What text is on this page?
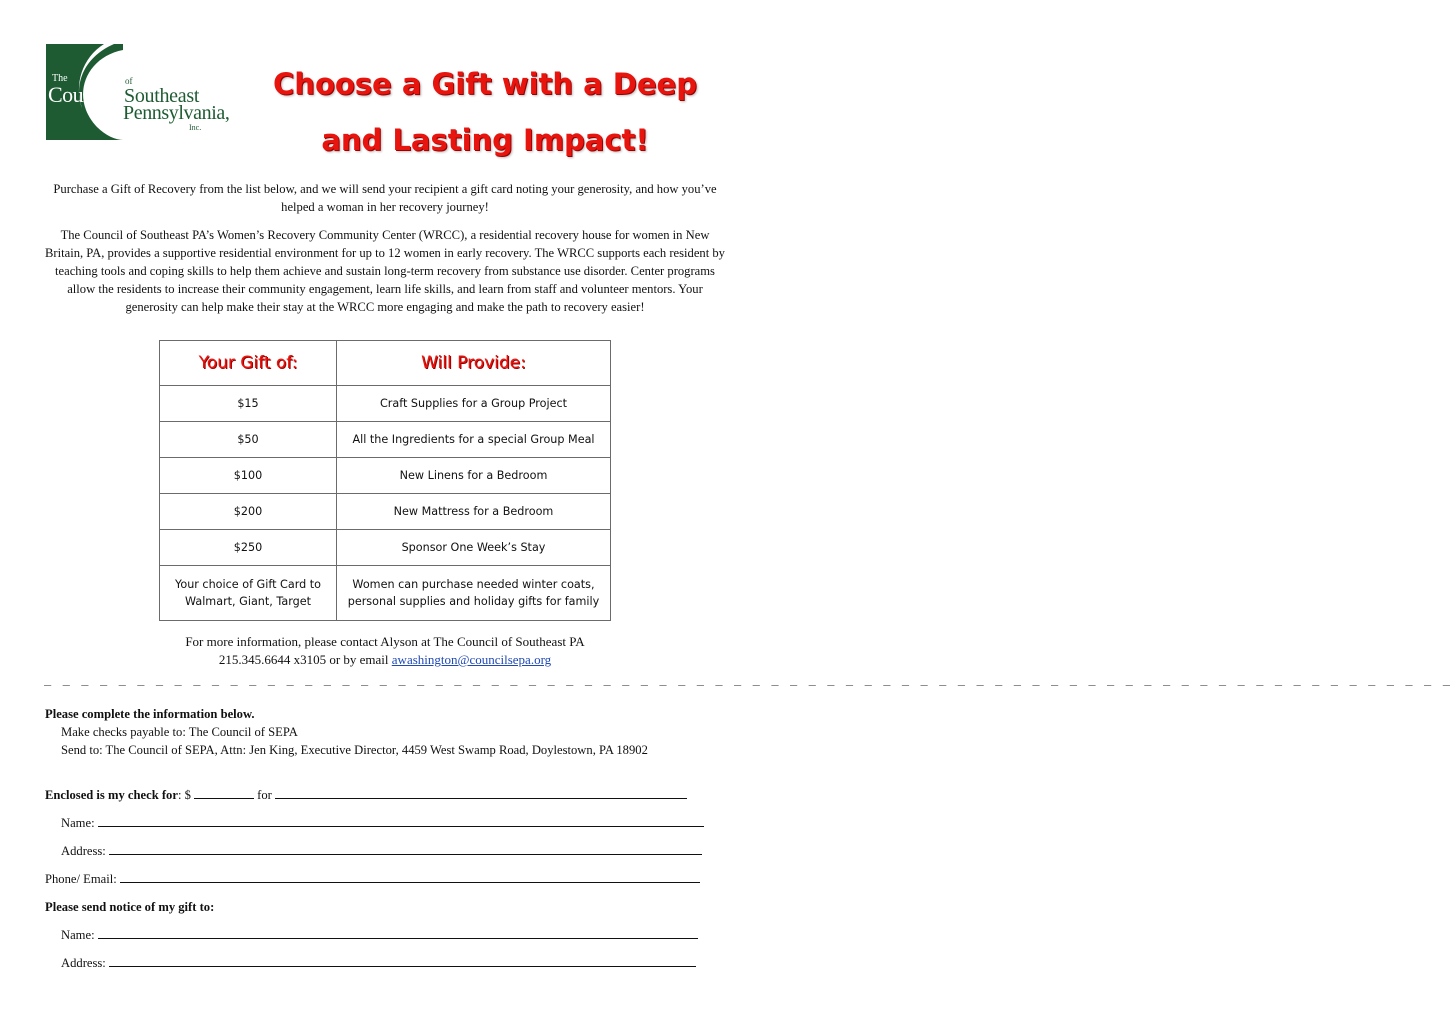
The
Council
of
Southeast
Pennsylvania,
Inc.
Choose a Gift with a Deep
and Lasting Impact!
Purchase a Gift of Recovery from the list below, and we will send your recipient a gift card noting your generosity, and how you’ve helped a woman in her recovery journey!
The Council of Southeast PA’s Women’s Recovery Community Center (WRCC), a residential recovery house for women in New Britain, PA, provides a supportive residential environment for up to 12 women in early recovery. The WRCC supports each resident by teaching tools and coping skills to help them achieve and sustain long-term recovery from substance use disorder. Center programs allow the residents to increase their community engagement, learn life skills, and learn from staff and volunteer mentors. Your generosity can help make their stay at the WRCC more engaging and make the path to recovery easier!
Your Gift of:	Will Provide:
$15	Craft Supplies for a Group Project
$50	All the Ingredients for a special Group Meal
$100	New Linens for a Bedroom
$200	New Mattress for a Bedroom
$250	Sponsor One Week’s Stay
Your choice of Gift Card to Walmart, Giant, Target	Women can purchase needed winter coats, personal supplies and holiday gifts for family
For more information, please contact Alyson at The Council of Southeast PA
215.345.6644 x3105 or by email awashington@councilsepa.org
_ _ _ _ _ _ _ _ _ _ _ _ _ _ _ _ _ _ _ _ _ _ _ _ _ _ _ _ _ _ _ _ _ _ _ _ _ _ _ _ _ _ _ _ _ _ _ _ _ _ _ _ _ _ _ _ _ _ _ _ _ _ _ _ _ _ _ _ _ _ _ _ _ _ _ _
Please complete the information below.
Make checks payable to: The Council of SEPA
Send to: The Council of SEPA, Attn: Jen King, Executive Director, 4459 West Swamp Road, Doylestown, PA 18902
Enclosed is my check for: $	for
Name:
Address:
Phone/ Email:
Please send notice of my gift to:
Name:
Address:
